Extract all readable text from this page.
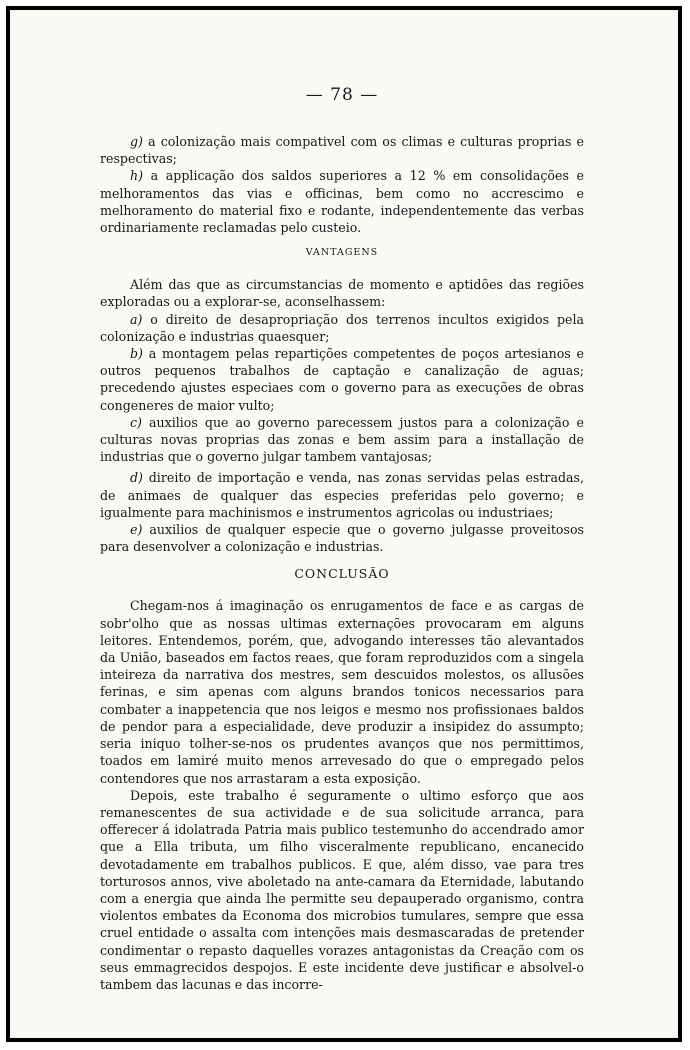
— 78 —

g) a colonização mais compativel com os climas e culturas proprias e respectivas;

h) a applicação dos saldos superiores a 12 % em consolidações e melhoramentos das vias e officinas, bem como no accrescimo e melhoramento do material fixo e rodante, independentemente das verbas ordinariamente reclamadas pelo custeio.

VANTAGENS

Além das que as circumstancias de momento e aptidões das regiões exploradas ou a explorar-se, aconselhassem:

a) o direito de desapropriação dos terrenos incultos exigidos pela colonização e industrias quaesquer;

b) a montagem pelas repartições competentes de poços artesianos e outros pequenos trabalhos de captação e canalização de aguas; precedendo ajustes especiaes com o governo para as execuções de obras congeneres de maior vulto;

c) auxilios que ao governo parecessem justos para a colonização e culturas novas proprias das zonas e bem assim para a installação de industrias que o governo julgar tambem vantajosas;

d) direito de importação e venda, nas zonas servidas pelas estradas, de animaes de qualquer das especies preferidas pelo governo; e igualmente para machinismos e instrumentos agricolas ou industriaes;

e) auxilios de qualquer especie que o governo julgasse proveitosos para desenvolver a colonização e industrias.

CONCLUSÃO

Chegam-nos á imaginação os enrugamentos de face e as cargas de sobr'olho que as nossas ultimas externações provocaram em alguns leitores. Entendemos, porém, que, advogando interesses tão alevantados da União, baseados em factos reaes, que foram reproduzidos com a singela inteireza da narrativa dos mestres, sem descuidos molestos, os allusões ferinas, e sim apenas com alguns brandos tonicos necessarios para combater a inappetencia que nos leigos e mesmo nos profissionaes baldos de pendor para a especialidade, deve produzir a insipidez do assumpto; seria iniquo tolher-se-nos os prudentes avanços que nos permittimos, toados em lamiré muito menos arrevesado do que o empregado pelos contendores que nos arrastaram a esta exposição.

Depois, este trabalho é seguramente o ultimo esforço que aos remanescentes de sua actividade e de sua solicitude arranca, para offerecer á idolatrada Patria mais publico testemunho do accendrado amor que a Ella tributa, um filho visceralmente republicano, encanecido devotadamente em trabalhos publicos. E que, além disso, vae para tres torturosos annos, vive aboletado na ante-camara da Eternidade, labutando com a energia que ainda lhe permitte seu depauperado organismo, contra violentos embates da Economa dos microbios tumulares, sempre que essa cruel entidade o assalta com intenções mais desmascaradas de pretender condimentar o repasto daquelles vorazes antagonistas da Creação com os seus emmagrecidos despojos. E este incidente deve justificar e absolvel-o tambem das lacunas e das incorre-
